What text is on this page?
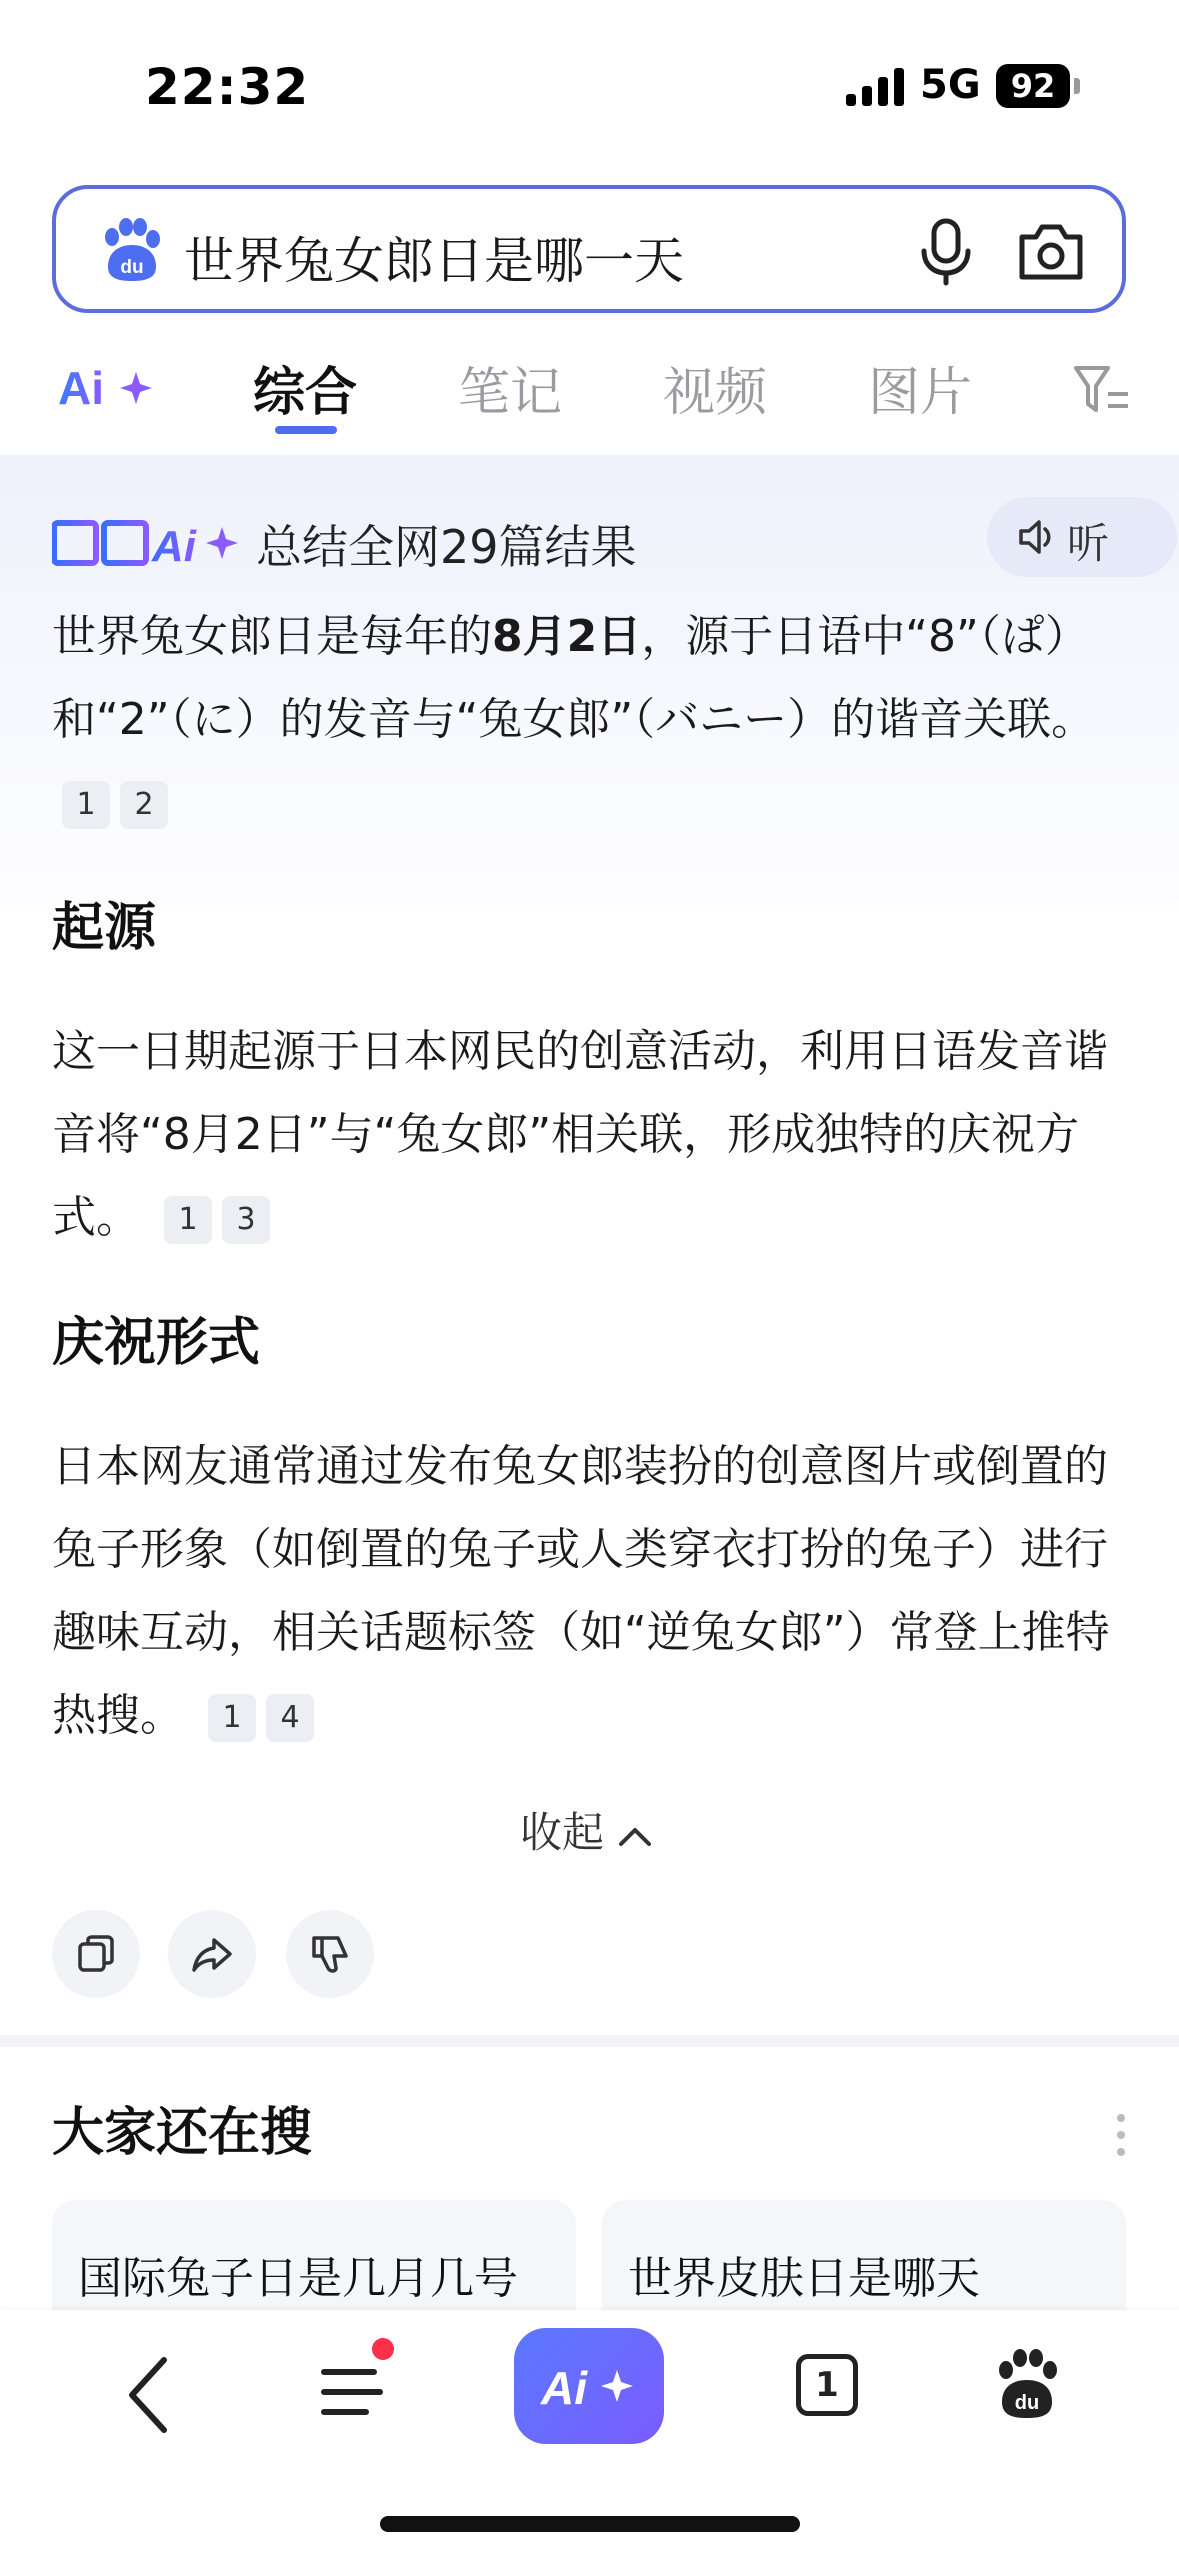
22:32	5G 92
du 世界兔女郎日是哪一天
Ai	综合 笔记 视频 图片
Ai 总结全网29篇结果	听
世界兔女郎日是每年的8月2日，源于日语中“8”（ぱ）和“2”（に）的发音与“兔女郎”（バニー）的谐音关联。 1 2
起源
这一日期起源于日本网民的创意活动，利用日语发音谐音将“8月2日”与“兔女郎”相关联，形成独特的庆祝方式。 1 3
庆祝形式
日本网友通常通过发布兔女郎装扮的创意图片或倒置的兔子形象（如倒置的兔子或人类穿衣打扮的兔子）进行趣味互动，相关话题标签（如“逆兔女郎”）常登上推特热搜。 1 4
收起
大家还在搜
国际兔子日是几月几号	世界皮肤日是哪天
Ai	1	du
